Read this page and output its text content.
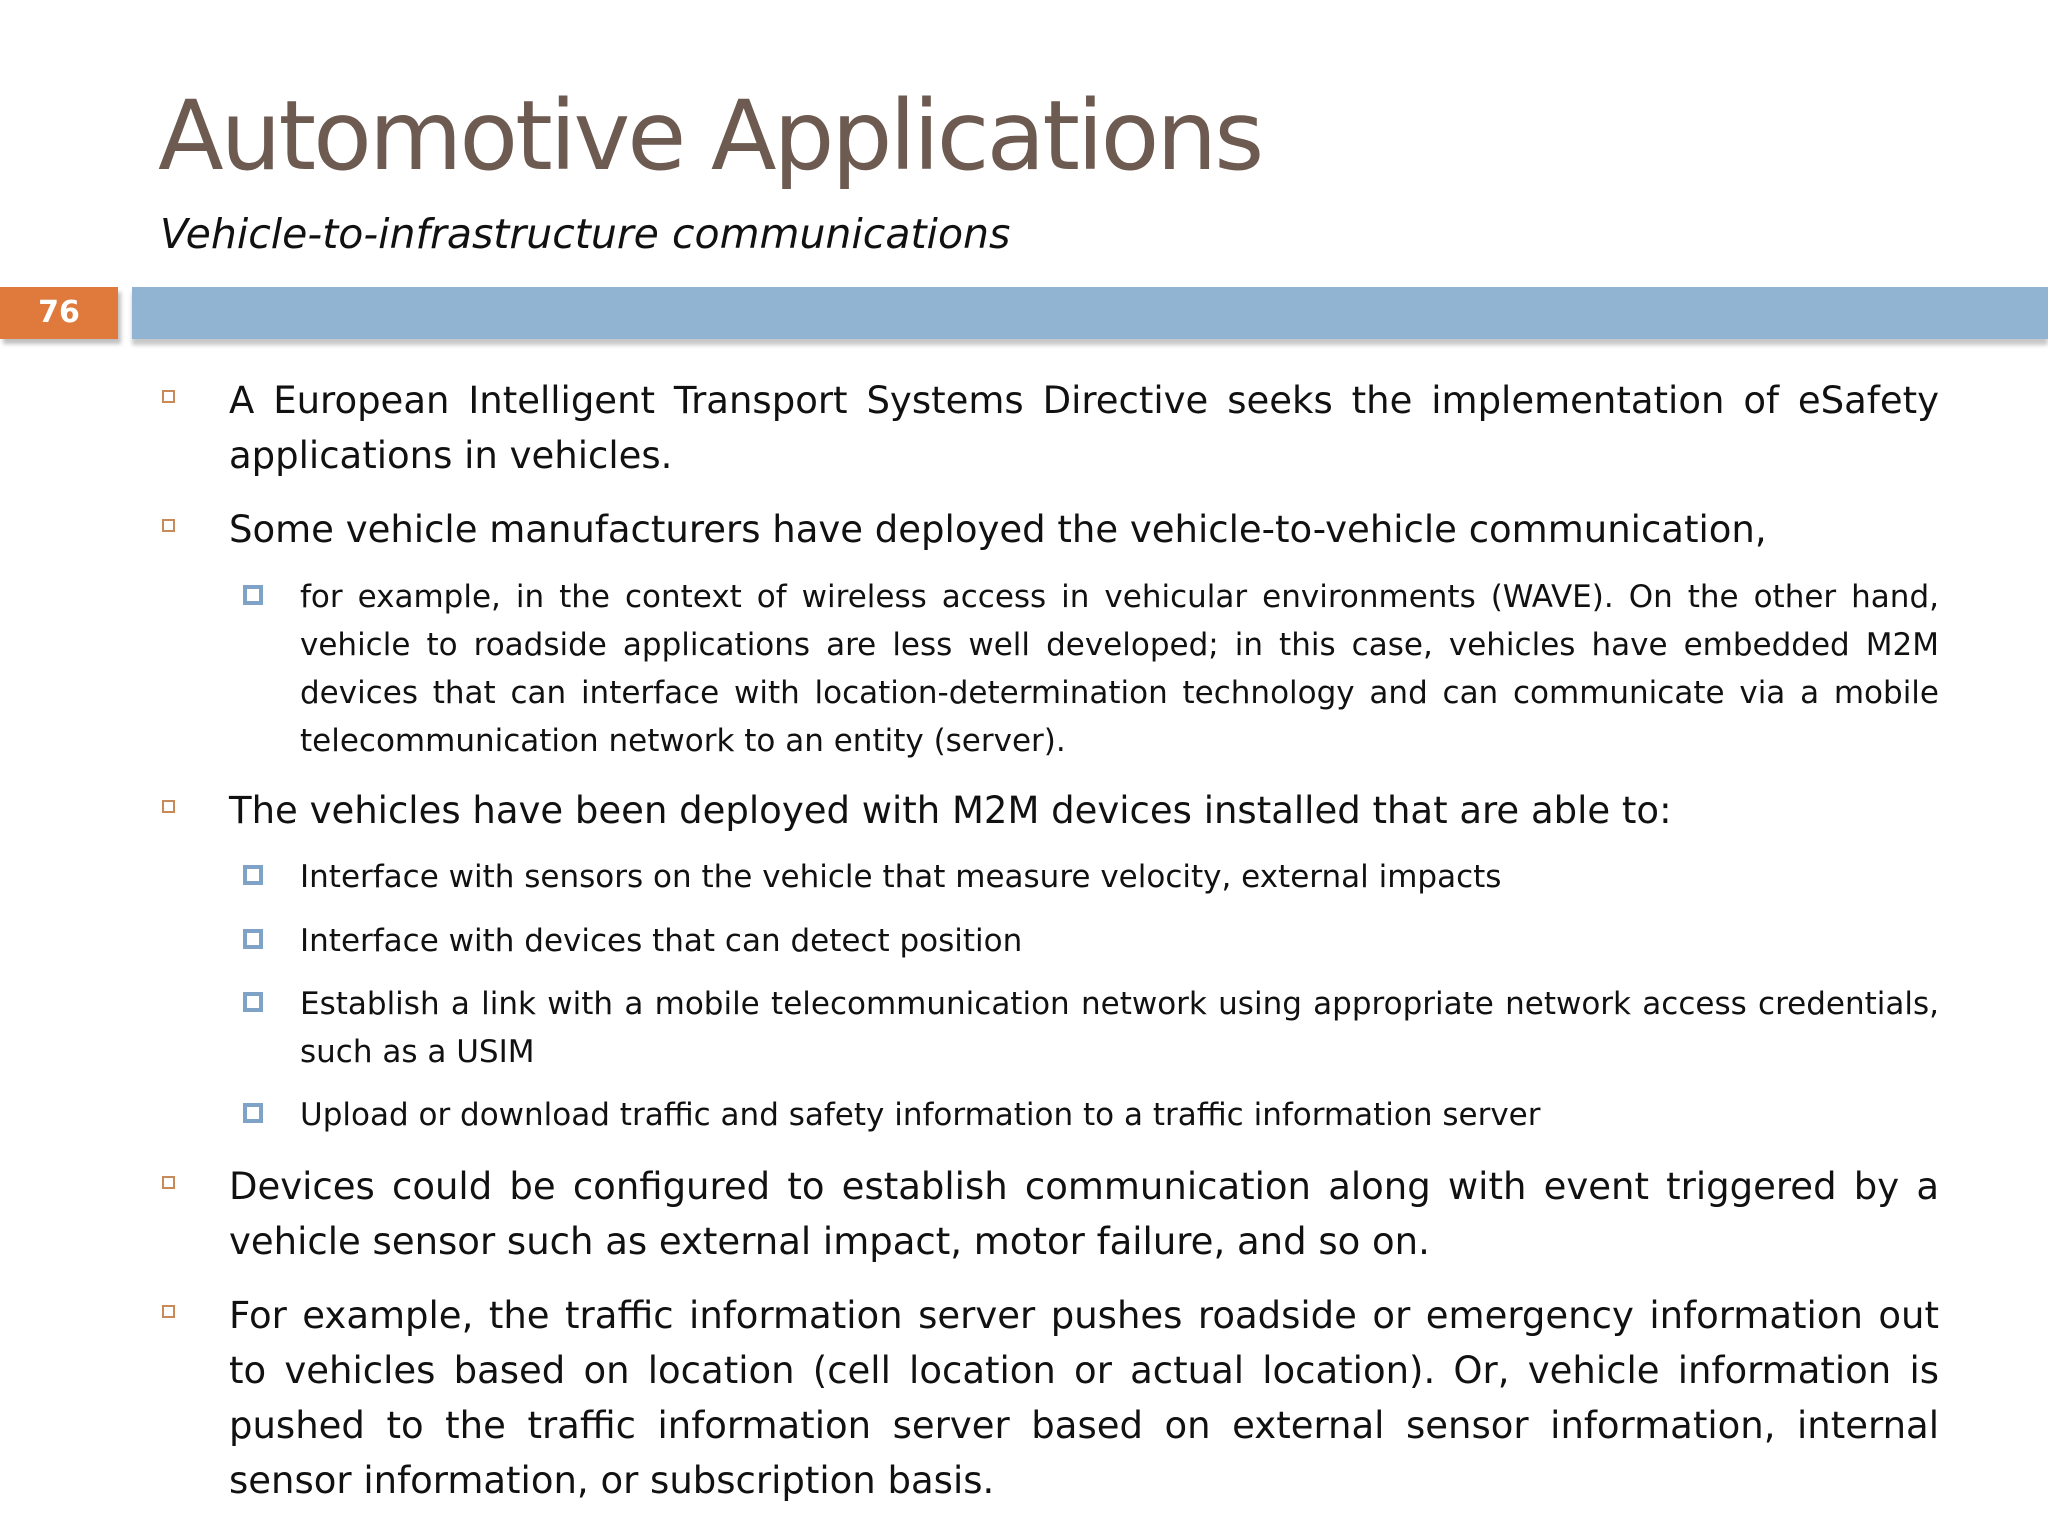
Automotive Applications
Vehicle-to-infrastructure communications
76
A European Intelligent Transport Systems Directive seeks the implementation of eSafety applications in vehicles.
Some vehicle manufacturers have deployed the vehicle-to-vehicle communication,
for example, in the context of wireless access in vehicular environments (WAVE). On the other hand, vehicle to roadside applications are less well developed; in this case, vehicles have embedded M2M devices that can interface with location-determination technology and can communicate via a mobile telecommunication network to an entity (server).
The vehicles have been deployed with M2M devices installed that are able to:
Interface with sensors on the vehicle that measure velocity, external impacts
Interface with devices that can detect position
Establish a link with a mobile telecommunication network using appropriate network access credentials, such as a USIM
Upload or download traffic and safety information to a traffic information server
Devices could be configured to establish communication along with event triggered by a vehicle sensor such as external impact, motor failure, and so on.
For example, the traffic information server pushes roadside or emergency information out to vehicles based on location (cell location or actual location). Or, vehicle information is pushed to the traffic information server based on external sensor information, internal sensor information, or subscription basis.
